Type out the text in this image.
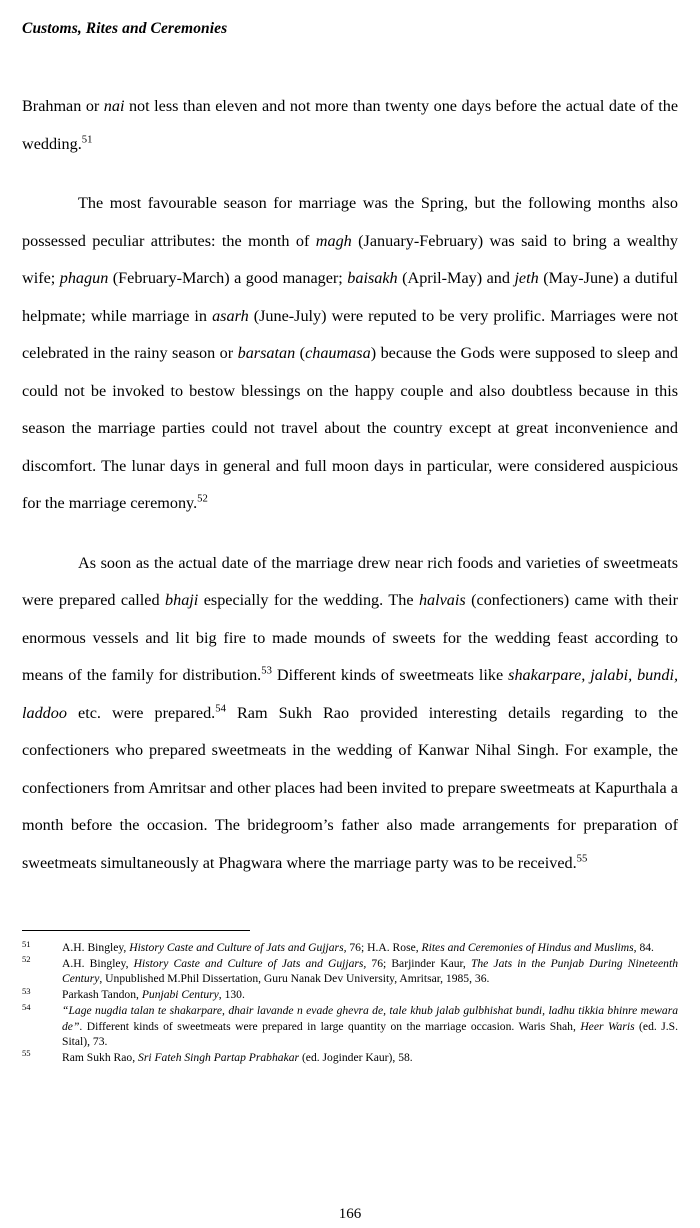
Customs, Rites and Ceremonies

Brahman or nai not less than eleven and not more than twenty one days before the actual date of the wedding.$^{51}$

The most favourable season for marriage was the Spring, but the following months also possessed peculiar attributes: the month of magh (January-February) was said to bring a wealthy wife; phagun (February-March) a good manager; baisakh (April-May) and jeth (May-June) a dutiful helpmate; while marriage in asarh (June-July) were reputed to be very prolific. Marriages were not celebrated in the rainy season or barsatan (chaumasa) because the Gods were supposed to sleep and could not be invoked to bestow blessings on the happy couple and also doubtless because in this season the marriage parties could not travel about the country except at great inconvenience and discomfort. The lunar days in general and full moon days in particular, were considered auspicious for the marriage ceremony.$^{52}$

As soon as the actual date of the marriage drew near rich foods and varieties of sweetmeats were prepared called bhaji especially for the wedding. The halvais (confectioners) came with their enormous vessels and lit big fire to made mounds of sweets for the wedding feast according to means of the family for distribution.$^{53}$ Different kinds of sweetmeats like shakarpare, jalabi, bundi, laddoo etc. were prepared.$^{54}$ Ram Sukh Rao provided interesting details regarding to the confectioners who prepared sweetmeats in the wedding of Kanwar Nihal Singh. For example, the confectioners from Amritsar and other places had been invited to prepare sweetmeats at Kapurthala a month before the occasion. The bridegroom’s father also made arrangements for preparation of sweetmeats simultaneously at Phagwara where the marriage party was to be received.$^{55}$

51	A.H. Bingley, History Caste and Culture of Jats and Gujjars, 76; H.A. Rose, Rites and Ceremonies of Hindus and Muslims, 84.
52	A.H. Bingley, History Caste and Culture of Jats and Gujjars, 76; Barjinder Kaur, The Jats in the Punjab During Nineteenth Century, Unpublished M.Phil Dissertation, Guru Nanak Dev University, Amritsar, 1985, 36.
53	Parkash Tandon, Punjabi Century, 130.
54	“Lage nugdia talan te shakarpare, dhair lavande n evade ghevra de, tale khub jalab gulbhishat bundi, ladhu tikkia bhinre mewara de”. Different kinds of sweetmeats were prepared in large quantity on the marriage occasion. Waris Shah, Heer Waris (ed. J.S. Sital), 73.
55	Ram Sukh Rao, Sri Fateh Singh Partap Prabhakar (ed. Joginder Kaur), 58.
166
